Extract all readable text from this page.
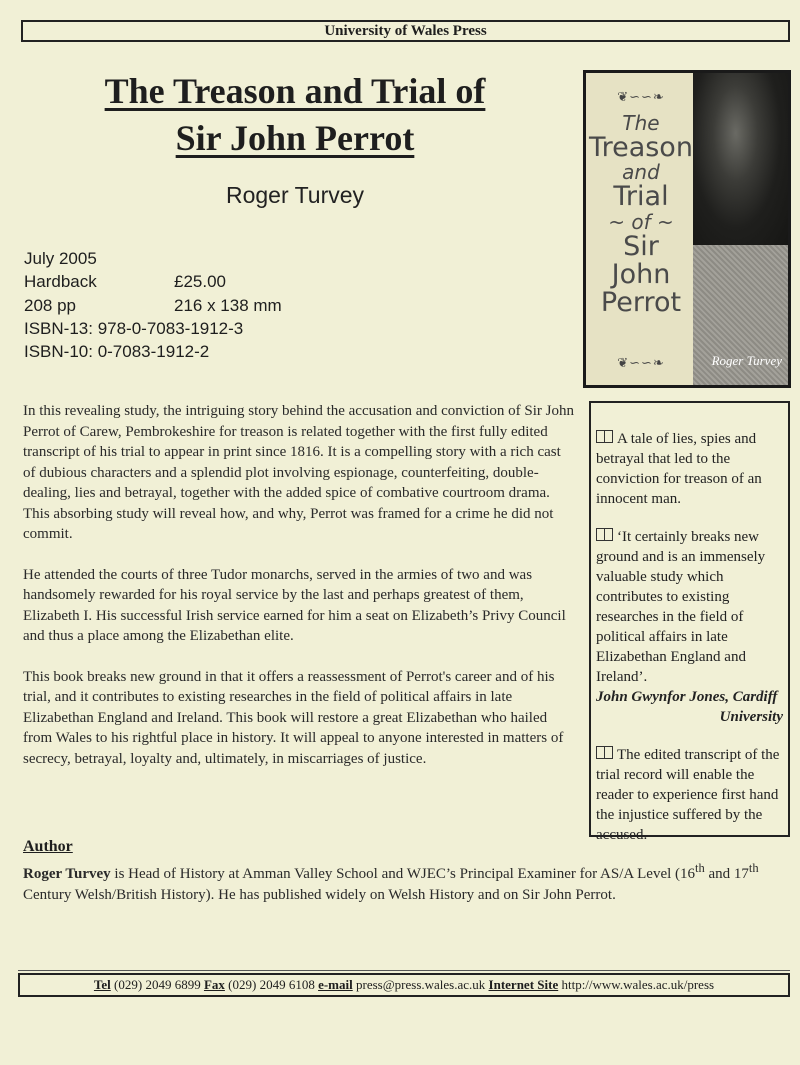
University of Wales Press
The Treason and Trial of
Sir John Perrot
Roger Turvey
July 2005
Hardback	£25.00
208 pp	216 x 138 mm
ISBN-13: 978-0-7083-1912-3
ISBN-10: 0-7083-1912-2
❦∽∽❧
The
Treason
and
Trial
~ of ~
Sir
John
Perrot
❦∽∽❧	Roger Turvey

In this revealing study, the intriguing story behind the accusation and conviction of Sir John Perrot of Carew, Pembrokeshire for treason is related together with the first fully edited transcript of his trial to appear in print since 1816. It is a compelling story with a rich cast of dubious characters and a splendid plot involving espionage, counterfeiting, double-dealing, lies and betrayal, together with the added spice of combative courtroom drama. This absorbing study will reveal how, and why, Perrot was framed for a crime he did not commit.

He attended the courts of three Tudor monarchs, served in the armies of two and was handsomely rewarded for his royal service by the last and perhaps greatest of them, Elizabeth I. His successful Irish service earned for him a seat on Elizabeth’s Privy Council and thus a place among the Elizabethan elite.

This book breaks new ground in that it offers a reassessment of Perrot's career and of his trial, and it contributes to existing researches in the field of political affairs in late Elizabethan England and Ireland. This book will restore a great Elizabethan who hailed from Wales to his rightful place in history. It will appeal to anyone interested in matters of secrecy, betrayal, loyalty and, ultimately, in miscarriages of justice.

A tale of lies, spies and betrayal that led to the conviction for treason of an innocent man.
‘It certainly breaks new ground and is an immensely valuable study which contributes to existing researches in the field of political affairs in late Elizabethan England and Ireland’.
John Gwynfor Jones, Cardiff
University
The edited transcript of the trial record will enable the reader to experience first hand the injustice suffered by the accused.
Author
Roger Turvey is Head of History at Amman Valley School and WJEC’s Principal Examiner for AS/A Level (16th and 17th Century Welsh/British History). He has published widely on Welsh History and on Sir John Perrot.
Tel (029) 2049 6899 Fax (029) 2049 6108 e-mail press@press.wales.ac.uk Internet Site http://www.wales.ac.uk/press
